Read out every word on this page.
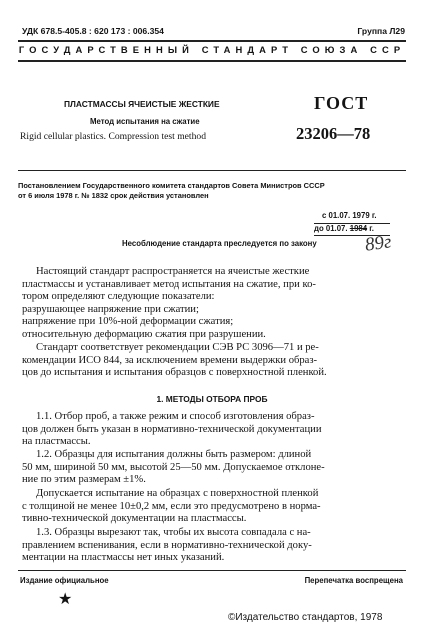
УДК 678.5-405.8 : 620 173 : 006.354	Группа Л29
ГОСУДАРСТВЕННЫЙ СТАНДАРТ СОЮЗА ССР
ПЛАСТМАССЫ ЯЧЕИСТЫЕ ЖЕСТКИЕ
Метод испытания на сжатие
Rigid cellular plastics. Compression test method
ГОСТ
23206—78
Постановлением Государственного комитета стандартов Совета Министров СССР
от 6 июля 1978 г. № 1832 срок действия установлен
с 01.07. 1979 г.
до 01.07. 1984 г.
89г
Несоблюдение стандарта преследуется по закону
Настоящий стандарт распространяется на ячеистые жесткие
пластмассы и устанавливает метод испытания на сжатие, при ко-
тором определяют следующие показатели:
разрушающее напряжение при сжатии;
напряжение при 10%-ной деформации сжатия;
относительную деформацию сжатия при разрушении.
Стандарт соответствует рекомендации СЭВ РС 3096—71 и ре-
комендации ИСО 844, за исключением времени выдержки образ-
цов до испытания и испытания образцов с поверхностной пленкой.
1. МЕТОДЫ ОТБОРА ПРОБ
1.1. Отбор проб, а также режим и способ изготовления образ-
цов должен быть указан в нормативно-технической документации
на пластмассы.
1.2. Образцы для испытания должны быть размером: длиной
50 мм, шириной 50 мм, высотой 25—50 мм. Допускаемое отклоне-
ние по этим размерам ±1%.
Допускается испытание на образцах с поверхностной пленкой
с толщиной не менее 10±0,2 мм, если это предусмотрено в норма-
тивно-технической документации на пластмассы.
1.3. Образцы вырезают так, чтобы их высота совпадала с на-
правлением вспенивания, если в нормативно-технической доку-
ментации на пластмассы нет иных указаний.
Издание официальное	Перепечатка воспрещена
★
©Издательство стандартов, 1978
